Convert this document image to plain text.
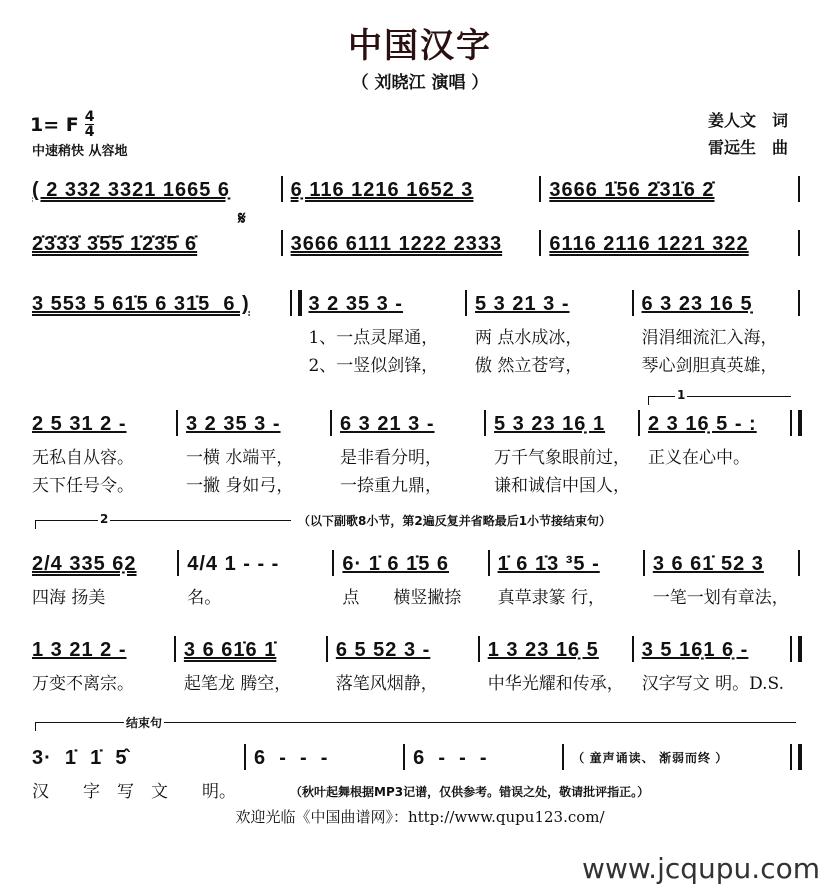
中国汉字
（ 刘晓江 演唱 ）
1= F $\frac{4}{4}$
中速稍快 从容地
姜人文　词
雷远生　曲
𝄋
( 2 332 3321 1665 6̣	6̣ 116 1216 1652 3	3666 1̇56 2̇31̇6 2̇
2̇3̇3̇3̇ 3̇5̇5̇ 1̇2̇3̇5̇ 6̇	3666 6111 1222 2333	6116 2116 1221 322
3 553 5 61̇5 6 31̇5  6 )	3 2 35 3 -
1、一点灵犀通，
2、一竖似剑锋，
5 3 21 3 -
两 点水成冰，
傲 然立苍穹，
6 3 23 16 5̣
涓涓细流汇入海，
琴心剑胆真英雄，
2 5 31 2 -
无私自从容。
天下任号令。
3 2 35 3 -
一横 水端平，
一撇 身如弓，
6 3 21 3 -
是非看分明，
一捺重九鼎，
5 3 23 16̣ 1
万千气象眼前过，
谦和诚信中国人，
2 3 16̣ 5 - :
正义在心中。
2/4 335 6̣2
四海 扬美
4/4 1 - - -
名。
6· 1̇ 6 1̇5 6
点　　横竖撇捺
1̇ 6 1̇3 ³5 -
真草隶篆 行，
3 6 61̇ 52 3
一笔一划有章法，
1 3 21 2 -
万变不离宗。
3 6 61̇6 1̇
起笔龙 腾空，
6 5 52 3 -
落笔风烟静，
1 3 23 16̣ 5
中华光耀和传承，
3 5 16̣1 6̣ -
汉字写文 明。D.S.
3·  1̇  1̇  5̂
汉　　字　写　文　　明。
6  -  -  -	6  -  -  -	（ 童声诵读、 渐弱而终 ）
1
2	（以下副歌8小节，第2遍反复并省略最后1小节接结束句）
结束句
（秋叶起舞根据MP3记谱，仅供参考。错误之处，敬请批评指正。）
欢迎光临《中国曲谱网》：http://www.qupu123.com/
www.jcqupu.com
